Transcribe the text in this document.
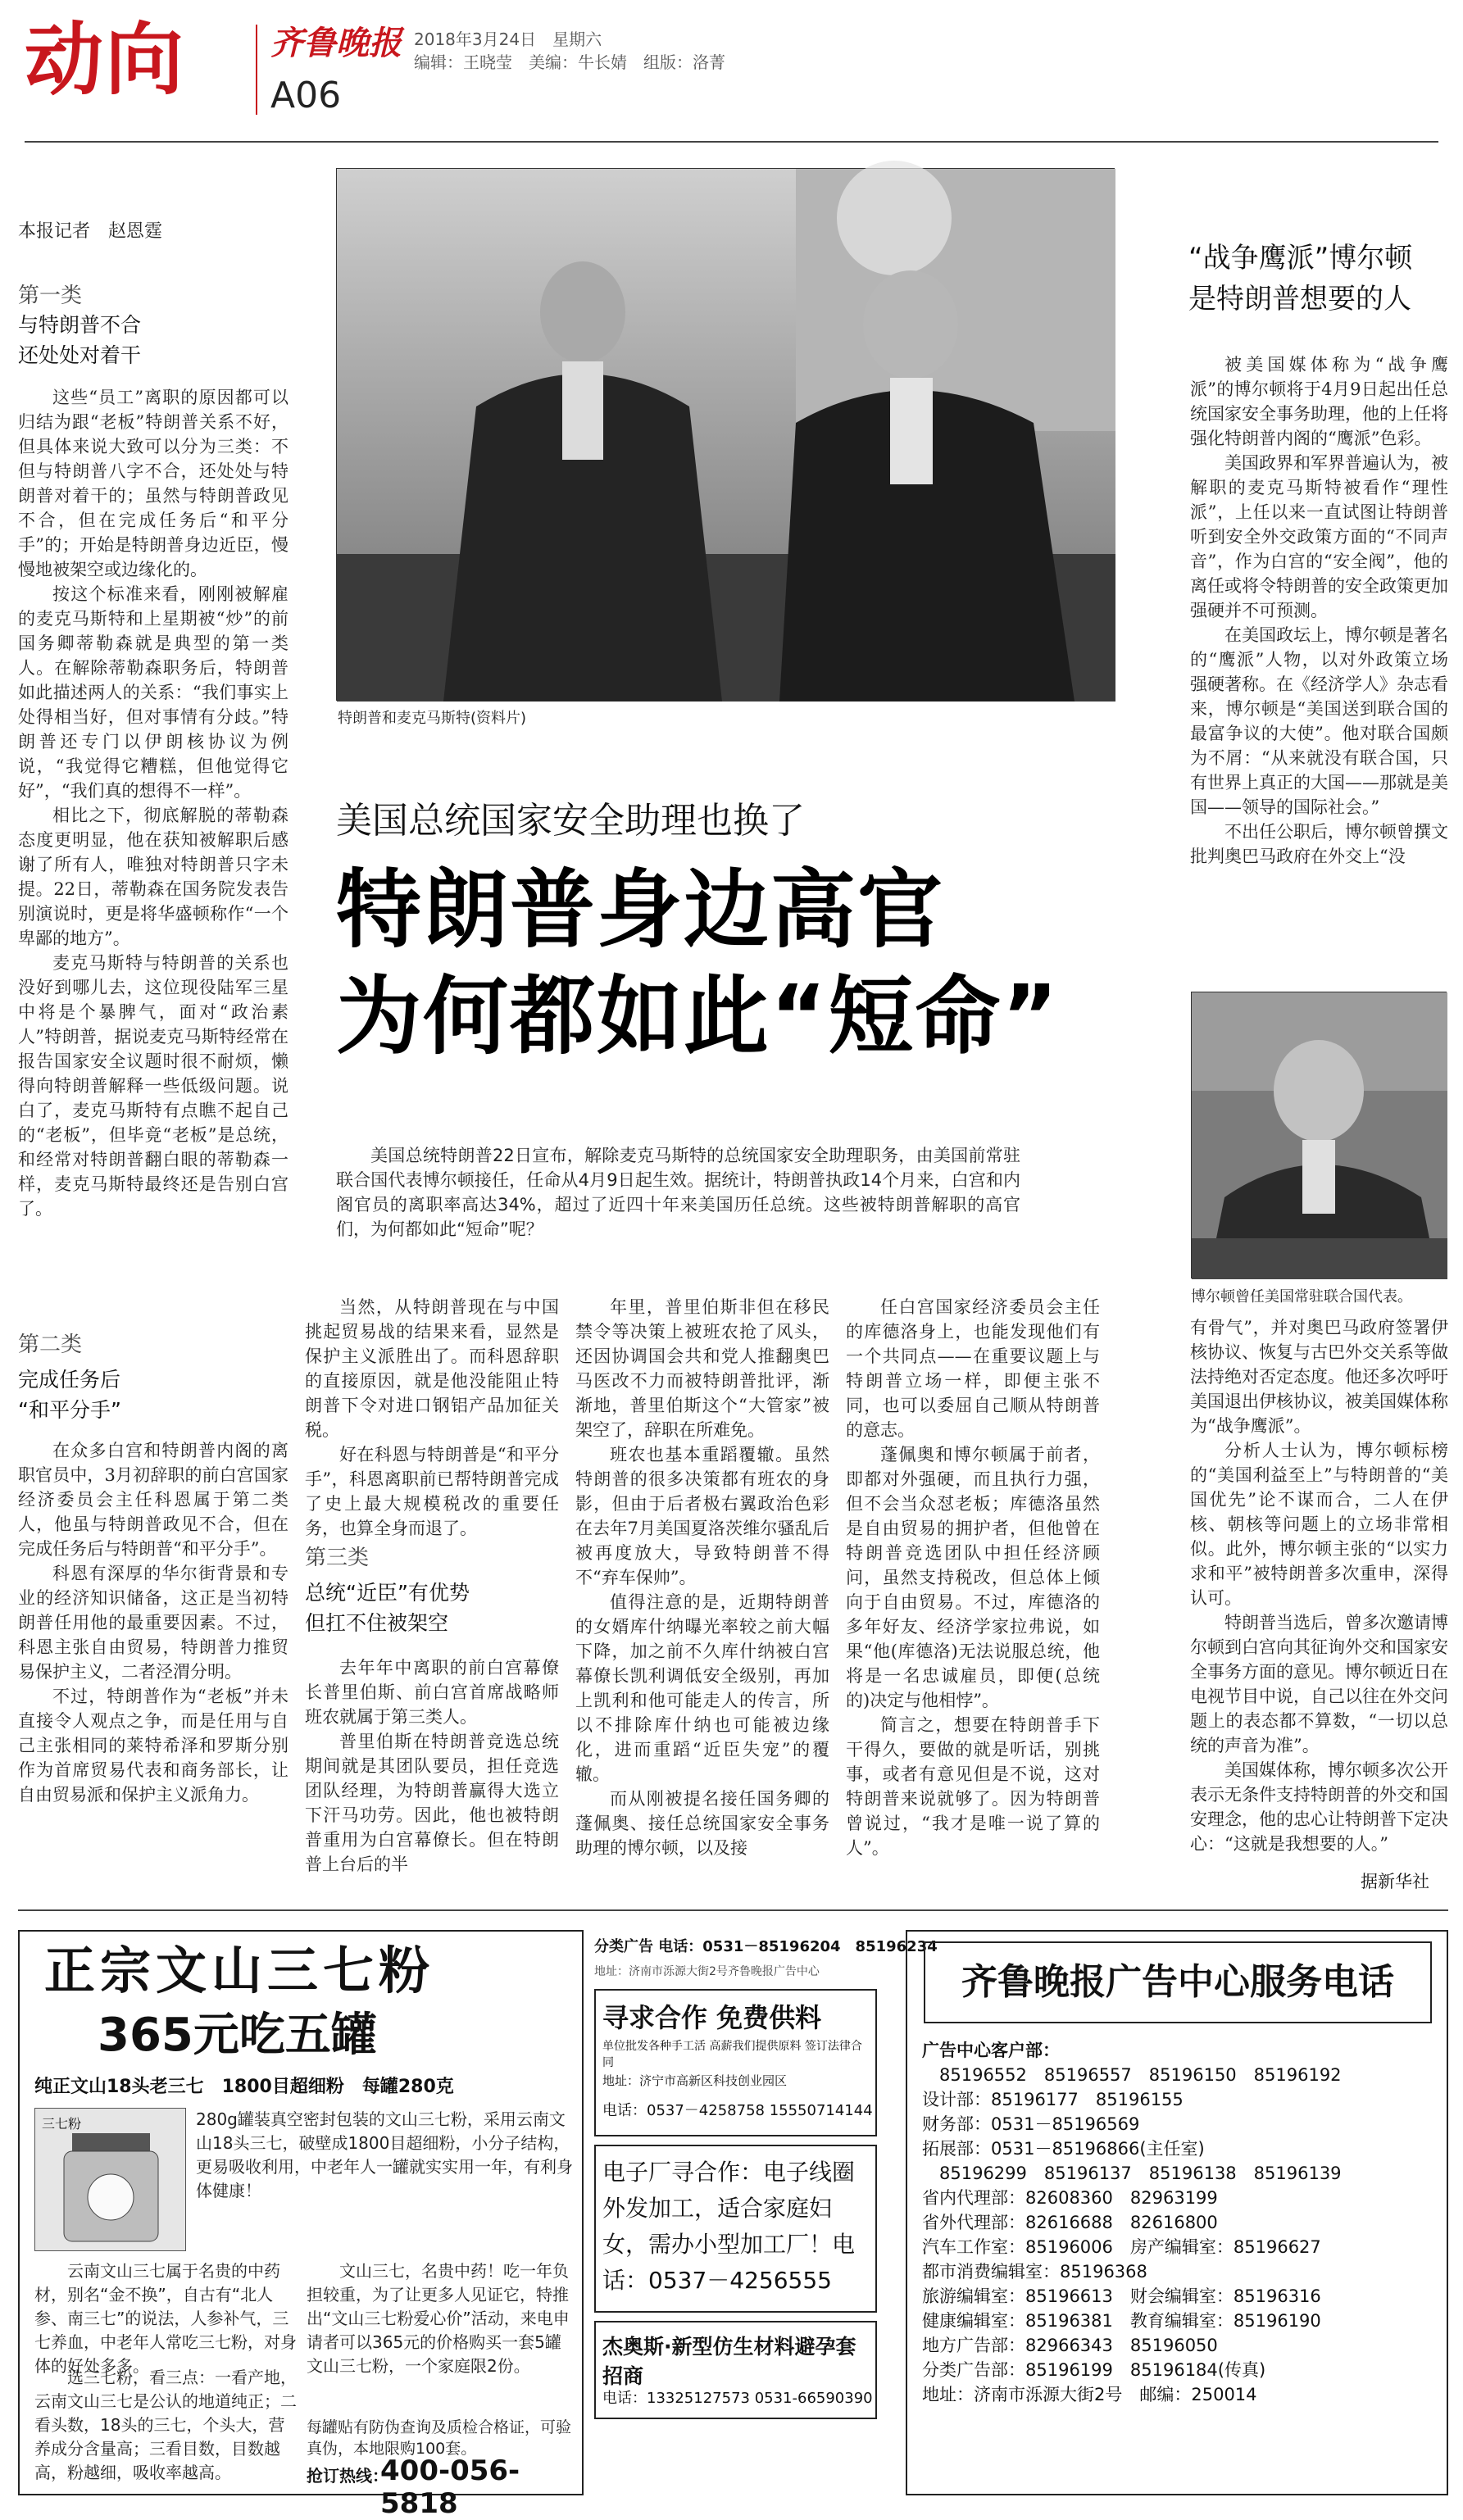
动向	齐鲁晚报
A06
2018年3月24日　星期六
编辑：王晓莹　美编：牛长婧　组版：洛菁
本报记者　赵恩霆
第一类
与特朗普不合
还处处对着干

这些“员工”离职的原因都可以归结为跟“老板”特朗普关系不好，但具体来说大致可以分为三类：不但与特朗普八字不合，还处处与特朗普对着干的；虽然与特朗普政见不合，但在完成任务后“和平分手”的；开始是特朗普身边近臣，慢慢地被架空或边缘化的。

按这个标准来看，刚刚被解雇的麦克马斯特和上星期被“炒”的前国务卿蒂勒森就是典型的第一类人。在解除蒂勒森职务后，特朗普如此描述两人的关系：“我们事实上处得相当好，但对事情有分歧。”特朗普还专门以伊朗核协议为例说，“我觉得它糟糕，但他觉得它好”，“我们真的想得不一样”。

相比之下，彻底解脱的蒂勒森态度更明显，他在获知被解职后感谢了所有人，唯独对特朗普只字未提。22日，蒂勒森在国务院发表告别演说时，更是将华盛顿称作“一个卑鄙的地方”。

麦克马斯特与特朗普的关系也没好到哪儿去，这位现役陆军三星中将是个暴脾气，面对“政治素人”特朗普，据说麦克马斯特经常在报告国家安全议题时很不耐烦，懒得向特朗普解释一些低级问题。说白了，麦克马斯特有点瞧不起自己的“老板”，但毕竟“老板”是总统，和经常对特朗普翻白眼的蒂勒森一样，麦克马斯特最终还是告别白宫了。

第二类
完成任务后
“和平分手”

在众多白宫和特朗普内阁的离职官员中，3月初辞职的前白宫国家经济委员会主任科恩属于第二类人，他虽与特朗普政见不合，但在完成任务后与特朗普“和平分手”。

科恩有深厚的华尔街背景和专业的经济知识储备，这正是当初特朗普任用他的最重要因素。不过，科恩主张自由贸易，特朗普力推贸易保护主义，二者泾渭分明。

不过，特朗普作为“老板”并未直接令人观点之争，而是任用与自己主张相同的莱特希泽和罗斯分别作为首席贸易代表和商务部长，让自由贸易派和保护主义派角力。

特朗普和麦克马斯特(资料片)
美国总统国家安全助理也换了
特朗普身边高官
为何都如此“短命”
美国总统特朗普22日宣布，解除麦克马斯特的总统国家安全助理职务，由美国前常驻联合国代表博尔顿接任，任命从4月9日起生效。据统计，特朗普执政14个月来，白宫和内阁官员的离职率高达34%，超过了近四十年来美国历任总统。这些被特朗普解职的高官们，为何都如此“短命”呢？

当然，从特朗普现在与中国挑起贸易战的结果来看，显然是保护主义派胜出了。而科恩辞职的直接原因，就是他没能阻止特朗普下令对进口钢铝产品加征关税。

好在科恩与特朗普是“和平分手”，科恩离职前已帮特朗普完成了史上最大规模税改的重要任务，也算全身而退了。

第三类
总统“近臣”有优势
但扛不住被架空

去年年中离职的前白宫幕僚长普里伯斯、前白宫首席战略师班农就属于第三类人。

普里伯斯在特朗普竞选总统期间就是其团队要员，担任竞选团队经理，为特朗普赢得大选立下汗马功劳。因此，他也被特朗普重用为白宫幕僚长。但在特朗普上台后的半

年里，普里伯斯非但在移民禁令等决策上被班农抢了风头，还因协调国会共和党人推翻奥巴马医改不力而被特朗普批评，渐渐地，普里伯斯这个“大管家”被架空了，辞职在所难免。

班农也基本重蹈覆辙。虽然特朗普的很多决策都有班农的身影，但由于后者极右翼政治色彩在去年7月美国夏洛茨维尔骚乱后被再度放大，导致特朗普不得不“弃车保帅”。

值得注意的是，近期特朗普的女婿库什纳曝光率较之前大幅下降，加之前不久库什纳被白宫幕僚长凯利调低安全级别，再加上凯利和他可能走人的传言，所以不排除库什纳也可能被边缘化，进而重蹈“近臣失宠”的覆辙。

而从刚被提名接任国务卿的蓬佩奥、接任总统国家安全事务助理的博尔顿，以及接

任白宫国家经济委员会主任的库德洛身上，也能发现他们有一个共同点——在重要议题上与特朗普立场一样，即便主张不同，也可以委屈自己顺从特朗普的意志。

蓬佩奥和博尔顿属于前者，即都对外强硬，而且执行力强，但不会当众怼老板；库德洛虽然是自由贸易的拥护者，但他曾在特朗普竞选团队中担任经济顾问，虽然支持税改，但总体上倾向于自由贸易。不过，库德洛的多年好友、经济学家拉弗说，如果“他(库德洛)无法说服总统，他将是一名忠诚雇员，即便(总统的)决定与他相悖”。

简言之，想要在特朗普手下干得久，要做的就是听话，别挑事，或者有意见但是不说，这对特朗普来说就够了。因为特朗普曾说过，“我才是唯一说了算的人”。

“战争鹰派”博尔顿
是特朗普想要的人

被美国媒体称为“战争鹰派”的博尔顿将于4月9日起出任总统国家安全事务助理，他的上任将强化特朗普内阁的“鹰派”色彩。

美国政界和军界普遍认为，被解职的麦克马斯特被看作“理性派”，上任以来一直试图让特朗普听到安全外交政策方面的“不同声音”，作为白宫的“安全阀”，他的离任或将令特朗普的安全政策更加强硬并不可预测。

在美国政坛上，博尔顿是著名的“鹰派”人物，以对外政策立场强硬著称。在《经济学人》杂志看来，博尔顿是“美国送到联合国的最富争议的大使”。他对联合国颇为不屑：“从来就没有联合国，只有世界上真正的大国——那就是美国——领导的国际社会。”

不出任公职后，博尔顿曾撰文批判奥巴马政府在外交上“没

博尔顿曾任美国常驻联合国代表。

有骨气”，并对奥巴马政府签署伊核协议、恢复与古巴外交关系等做法持绝对否定态度。他还多次呼吁美国退出伊核协议，被美国媒体称为“战争鹰派”。

分析人士认为，博尔顿标榜的“美国利益至上”与特朗普的“美国优先”论不谋而合，二人在伊核、朝核等问题上的立场非常相似。此外，博尔顿主张的“以实力求和平”被特朗普多次重申，深得认可。

特朗普当选后，曾多次邀请博尔顿到白宫向其征询外交和国家安全事务方面的意见。博尔顿近日在电视节目中说，自己以往在外交问题上的表态都不算数，“一切以总统的声音为准”。

美国媒体称，博尔顿多次公开表示无条件支持特朗普的外交和国安理念，他的忠心让特朗普下定决心：“这就是我想要的人。”

据新华社
正宗文山三七粉
365元吃五罐
纯正文山18头老三七　1800目超细粉　每罐280克
三七粉	280g罐装真空密封包装的文山三七粉，采用云南文山18头三七，破壁成1800目超细粉，小分子结构，更易吸收利用，中老年人一罐就实实用一年，有利身体健康！
云南文山三七属于名贵的中药材，别名“金不换”，自古有“北人参、南三七”的说法，人参补气，三七养血，中老年人常吃三七粉，对身体的好处多多。
文山三七，名贵中药！吃一年负担较重，为了让更多人见证它，特推出“文山三七粉爱心价”活动，来电申请者可以365元的价格购买一套5罐文山三七粉，一个家庭限2份。
选三七粉，看三点：一看产地，云南文山三七是公认的地道纯正；二看头数，18头的三七，个头大，营养成分含量高；三看目数，目数越高，粉越细，吸收率越高。
每罐贴有防伪查询及质检合格证，可验真伪，本地限购100套。
抢订热线：
400-056-5818
分类广告 电话：0531－85196204　85196234
地址：济南市泺源大街2号齐鲁晚报广告中心
寻求合作 免费供料
单位批发各种手工活 高薪我们提供原料 签订法律合同
地址：济宁市高新区科技创业园区
电话：0537－4258758 15550714144
电子厂寻合作：电子线圈外发加工，适合家庭妇女，需办小型加工厂！电话：0537－4256555
杰奥斯·新型仿生材料避孕套招商
电话：13325127573 0531-66590390
齐鲁晚报广告中心服务电话
广告中心客户部：
　85196552　85196557　85196150　85196192
设计部：85196177　85196155
财务部：0531－85196569
拓展部：0531－85196866(主任室)
　85196299　85196137　85196138　85196139
省内代理部：82608360　82963199
省外代理部：82616688　82616800
汽车工作室：85196006　房产编辑室：85196627
都市消费编辑室：85196368
旅游编辑室：85196613　财会编辑室：85196316
健康编辑室：85196381　教育编辑室：85196190
地方广告部：82966343　85196050
分类广告部：85196199　85196184(传真)
地址：济南市泺源大街2号　邮编：250014
